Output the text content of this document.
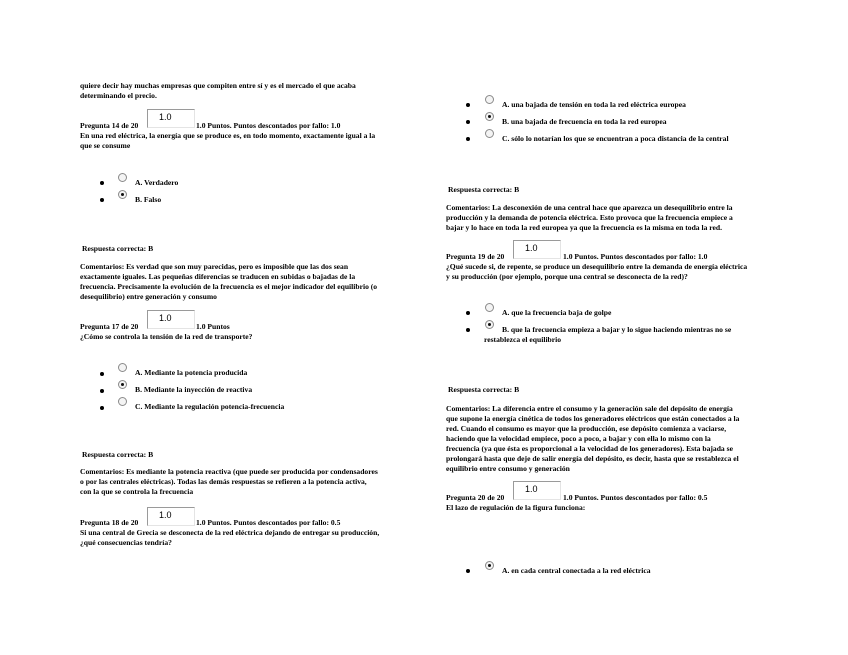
quiere decir hay muchas empresas que compiten entre sí y es el mercado el que acaba
determinando el precio.
Pregunta 14 de 20
1.0
1.0 Puntos. Puntos descontados por fallo: 1.0
En una red eléctrica, la energía que se produce es, en todo momento, exactamente igual a la
que se consume
A. Verdadero
B. Falso
Respuesta correcta: B
Comentarios: Es verdad que son muy parecidas, pero es imposible que las dos sean
exactamente iguales. Las pequeñas diferencias se traducen en subidas o bajadas de la
frecuencia. Precisamente la evolución de la frecuencia es el mejor indicador del equilibrio (o
desequilibrio) entre generación y consumo
Pregunta 17 de 20
1.0
1.0 Puntos
¿Cómo se controla la tensión de la red de transporte?
A. Mediante la potencia producida
B. Mediante la inyección de reactiva
C. Mediante la regulación potencia-frecuencia
Respuesta correcta: B
Comentarios: Es mediante la potencia reactiva (que puede ser producida por condensadores
o por las centrales eléctricas). Todas las demás respuestas se refieren a la potencia activa,
con la que se controla la frecuencia
Pregunta 18 de 20
1.0
1.0 Puntos. Puntos descontados por fallo: 0.5
Si una central de Grecia se desconecta de la red eléctrica dejando de entregar su producción,
¿qué consecuencias tendría?
A. una bajada de tensión en toda la red eléctrica europea
B. una bajada de frecuencia en toda la red europea
C. sólo lo notarían los que se encuentran a poca distancia de la central
Respuesta correcta: B
Comentarios: La desconexión de una central hace que aparezca un desequilibrio entre la
producción y la demanda de potencia eléctrica. Esto provoca que la frecuencia empiece a
bajar y lo hace en toda la red europea ya que la frecuencia es la misma en toda la red.
Pregunta 19 de 20
1.0
1.0 Puntos. Puntos descontados por fallo: 1.0
¿Qué sucede si, de repente, se produce un desequilibrio entre la demanda de energía eléctrica
y su producción (por ejemplo, porque una central se desconecta de la red)?
A. que la frecuencia baja de golpe
B. que la frecuencia empieza a bajar y lo sigue haciendo mientras no se
restablezca el equilibrio
Respuesta correcta: B
Comentarios: La diferencia entre el consumo y la generación sale del depósito de energía
que supone la energía cinética de todos los generadores eléctricos que están conectados a la
red. Cuando el consumo es mayor que la producción, ese depósito comienza a vaciarse,
haciendo que la velocidad empiece, poco a poco, a bajar y con ella lo mismo con la
frecuencia (ya que ésta es proporcional a la velocidad de los generadores). Esta bajada se
prolongará hasta que deje de salir energía del depósito, es decir, hasta que se restablezca el
equilibrio entre consumo y generación
Pregunta 20 de 20
1.0
1.0 Puntos. Puntos descontados por fallo: 0.5
El lazo de regulación de la figura funciona:
A. en cada central conectada a la red eléctrica
